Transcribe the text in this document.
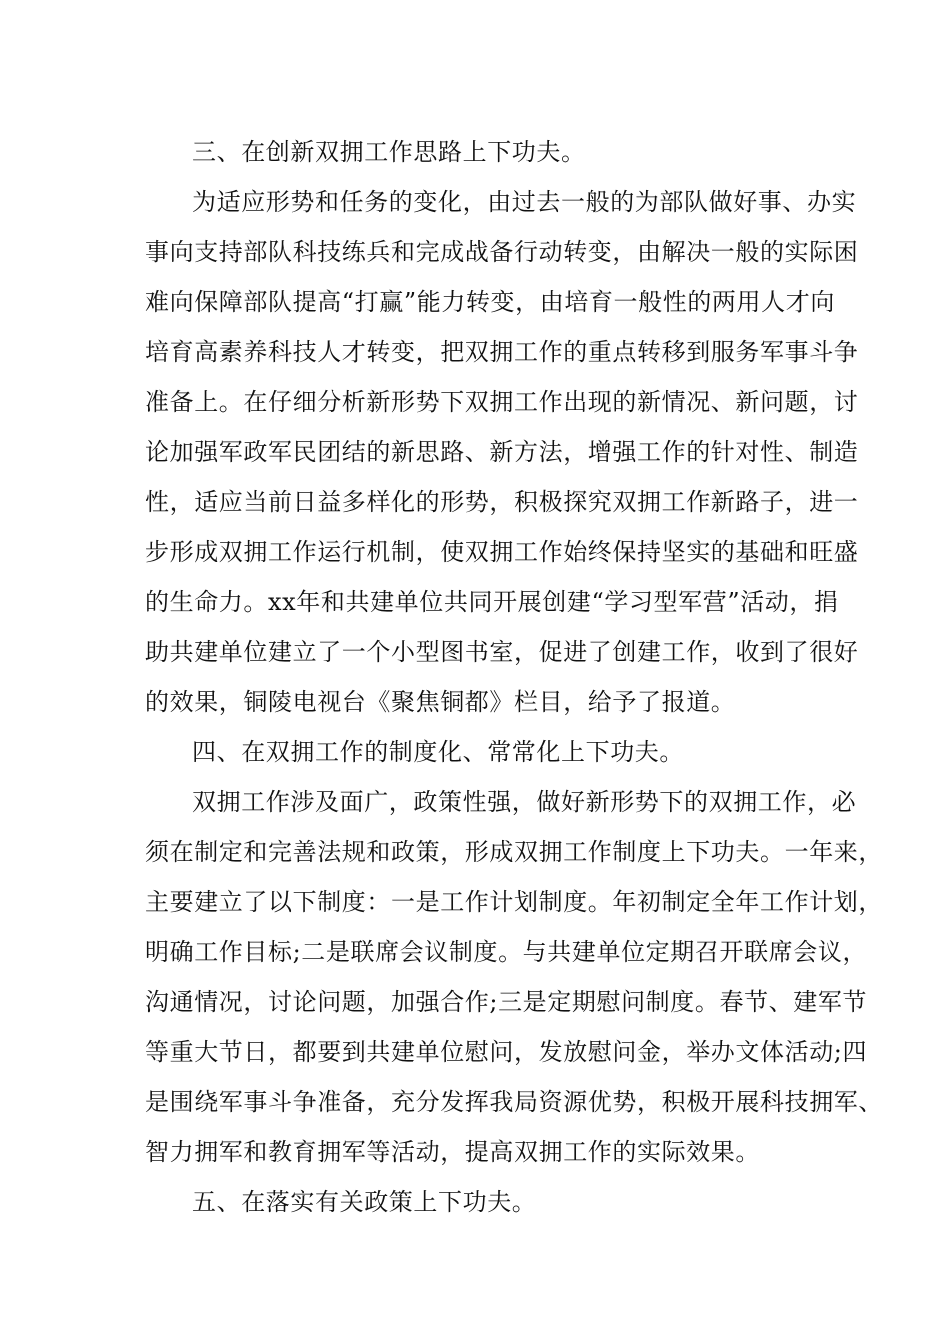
三、在创新双拥工作思路上下功夫。
为适应形势和任务的变化，由过去一般的为部队做好事、办实
事向支持部队科技练兵和完成战备行动转变，由解决一般的实际困
难向保障部队提高“打赢”能力转变，由培育一般性的两用人才向
培育高素养科技人才转变，把双拥工作的重点转移到服务军事斗争
准备上。在仔细分析新形势下双拥工作出现的新情况、新问题，讨
论加强军政军民团结的新思路、新方法，增强工作的针对性、制造
性，适应当前日益多样化的形势，积极探究双拥工作新路子，进一
步形成双拥工作运行机制，使双拥工作始终保持坚实的基础和旺盛
的生命力。xx年和共建单位共同开展创建“学习型军营”活动，捐
助共建单位建立了一个小型图书室，促进了创建工作，收到了很好
的效果，铜陵电视台《聚焦铜都》栏目，给予了报道。
四、在双拥工作的制度化、常常化上下功夫。
双拥工作涉及面广，政策性强，做好新形势下的双拥工作，必
须在制定和完善法规和政策，形成双拥工作制度上下功夫。一年来，
主要建立了以下制度：一是工作计划制度。年初制定全年工作计划，
明确工作目标;二是联席会议制度。与共建单位定期召开联席会议，
沟通情况，讨论问题，加强合作;三是定期慰问制度。春节、建军节
等重大节日，都要到共建单位慰问，发放慰问金，举办文体活动;四
是围绕军事斗争准备，充分发挥我局资源优势，积极开展科技拥军、
智力拥军和教育拥军等活动，提高双拥工作的实际效果。
五、在落实有关政策上下功夫。
